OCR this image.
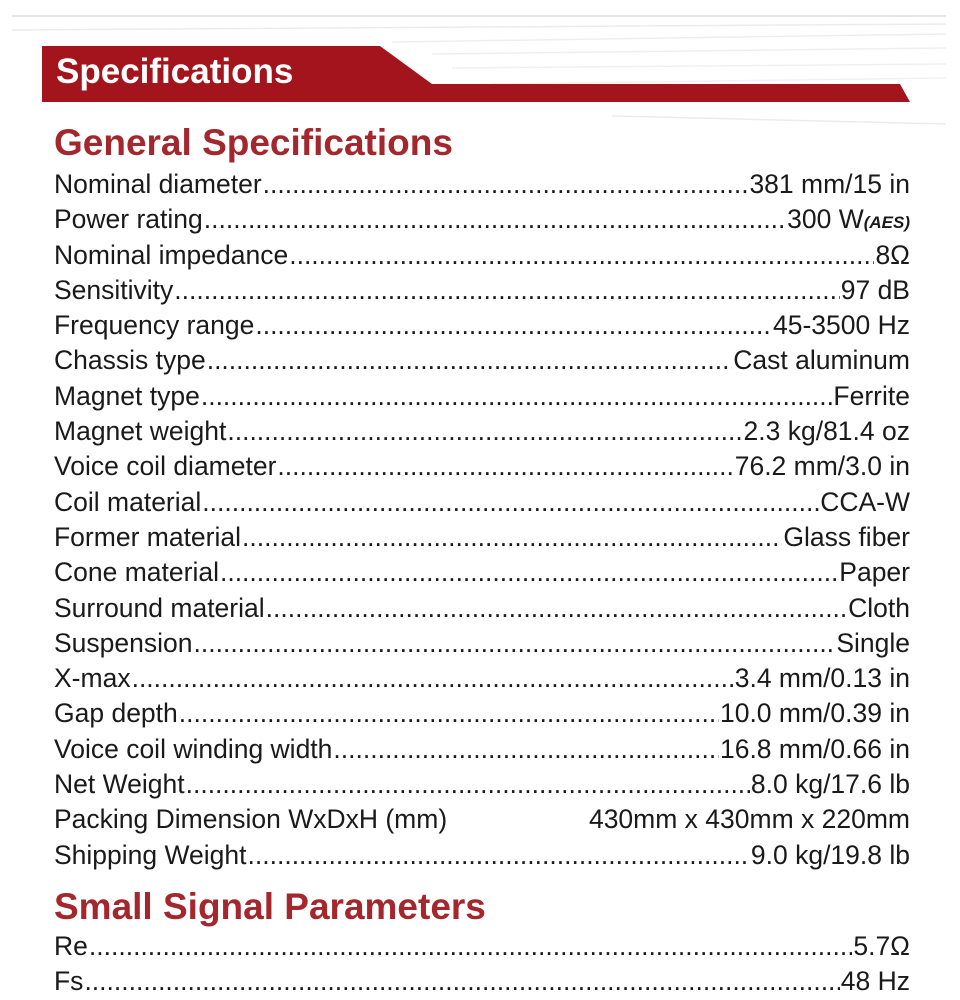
Specifications
General Specifications
Nominal diameter .....	381 mm/15 in
Power rating .....	300 W(AES)
Nominal impedance .....	8Ω
Sensitivity .....	97 dB
Frequency range .....	45-3500 Hz
Chassis type .....	Cast aluminum
Magnet type .....	Ferrite
Magnet weight .....	2.3 kg/81.4 oz
Voice coil diameter .....	76.2 mm/3.0 in
Coil material .....	CCA-W
Former material .....	Glass fiber
Cone material .....	Paper
Surround material .....	Cloth
Suspension .....	Single
X-max .....	3.4 mm/0.13 in
Gap depth .....	10.0 mm/0.39 in
Voice coil winding width .....	16.8 mm/0.66 in
Net Weight .....	8.0 kg/17.6 lb
Packing Dimension WxDxH (mm)	430mm x 430mm x 220mm
Shipping Weight .....	9.0 kg/19.8 lb
Small Signal Parameters
Re .....	5.7Ω
Fs .....	48 Hz
